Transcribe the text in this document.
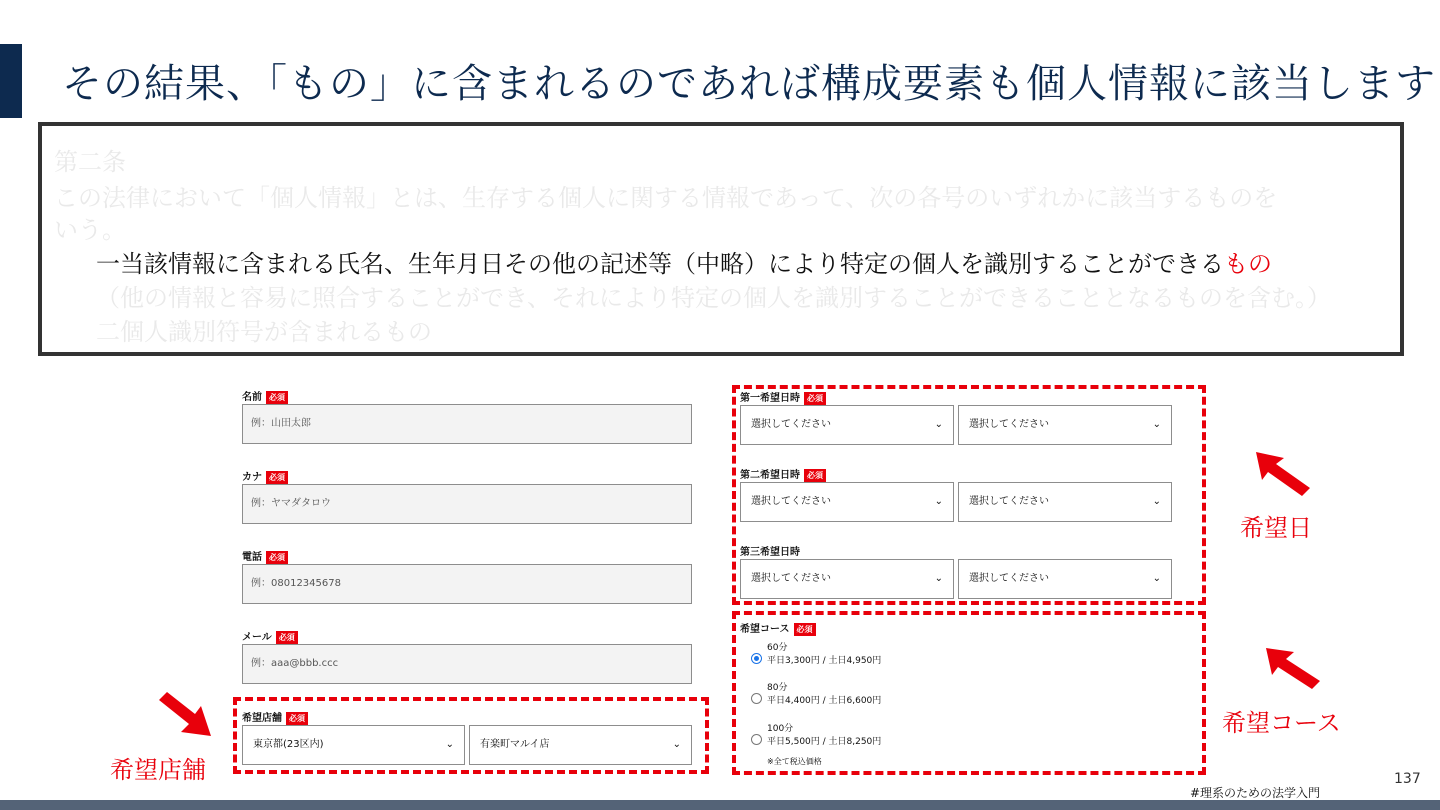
その結果、「もの」に含まれるのであれば構成要素も個人情報に該当します
第二条
この法律において「個人情報」とは、生存する個人に関する情報であって、次の各号のいずれかに該当するものを
いう。
一当該情報に含まれる氏名、生年月日その他の記述等（中略）により特定の個人を識別することができるもの
（他の情報と容易に照合することができ、それにより特定の個人を識別することができることとなるものを含む。）
二個人識別符号が含まれるもの
名前 必須
例：山田太郎
カナ 必須
例：ヤマダタロウ
電話 必須
例：08012345678
メール 必須
例：aaa@bbb.ccc
希望店舗 必須
東京都(23区内)	⌄	有楽町マルイ店	⌄
第一希望日時 必須
選択してください	⌄	選択してください	⌄
第二希望日時 必須
選択してください	⌄	選択してください	⌄
第三希望日時
選択してください	⌄	選択してください	⌄
希望コース 必須
60分
平日3,300円 / 土日4,950円
80分
平日4,400円 / 土日6,600円
100分
平日5,500円 / 土日8,250円
※全て税込価格
希望日
希望コース
希望店舗	137
#理系のための法学入門
